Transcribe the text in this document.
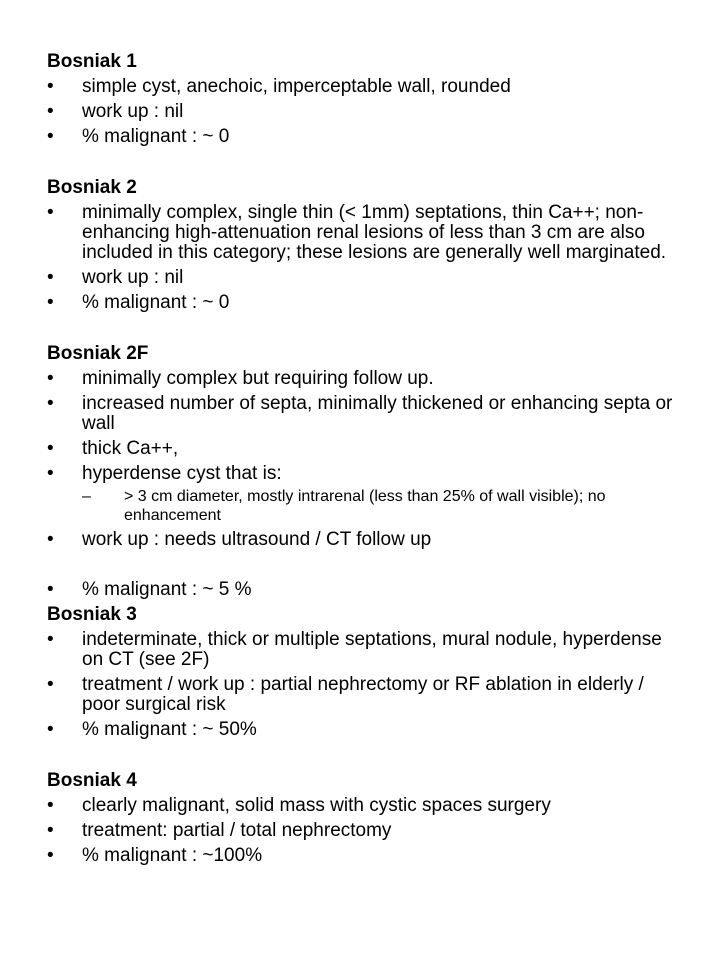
Bosniak 1
• simple cyst, anechoic, imperceptable wall, rounded
• work up : nil
• % malignant : ~ 0
Bosniak 2
• minimally complex, single thin (< 1mm) septations, thin Ca++; non-enhancing high-attenuation renal lesions of less than 3 cm are also included in this category; these lesions are generally well marginated.
• work up : nil
• % malignant : ~ 0
Bosniak 2F
• minimally complex but requiring follow up.
• increased number of septa, minimally thickened or enhancing septa or wall
• thick Ca++,
• hyperdense cyst that is:
– > 3 cm diameter, mostly intrarenal (less than 25% of wall visible); no enhancement
• work up : needs ultrasound / CT follow up
• % malignant : ~ 5 %
Bosniak 3
• indeterminate, thick or multiple septations, mural nodule, hyperdense on CT (see 2F)
• treatment / work up : partial nephrectomy or RF ablation in elderly / poor surgical risk
• % malignant : ~ 50%
Bosniak 4
• clearly malignant, solid mass with cystic spaces surgery
• treatment: partial / total nephrectomy
• % malignant : ~100%
